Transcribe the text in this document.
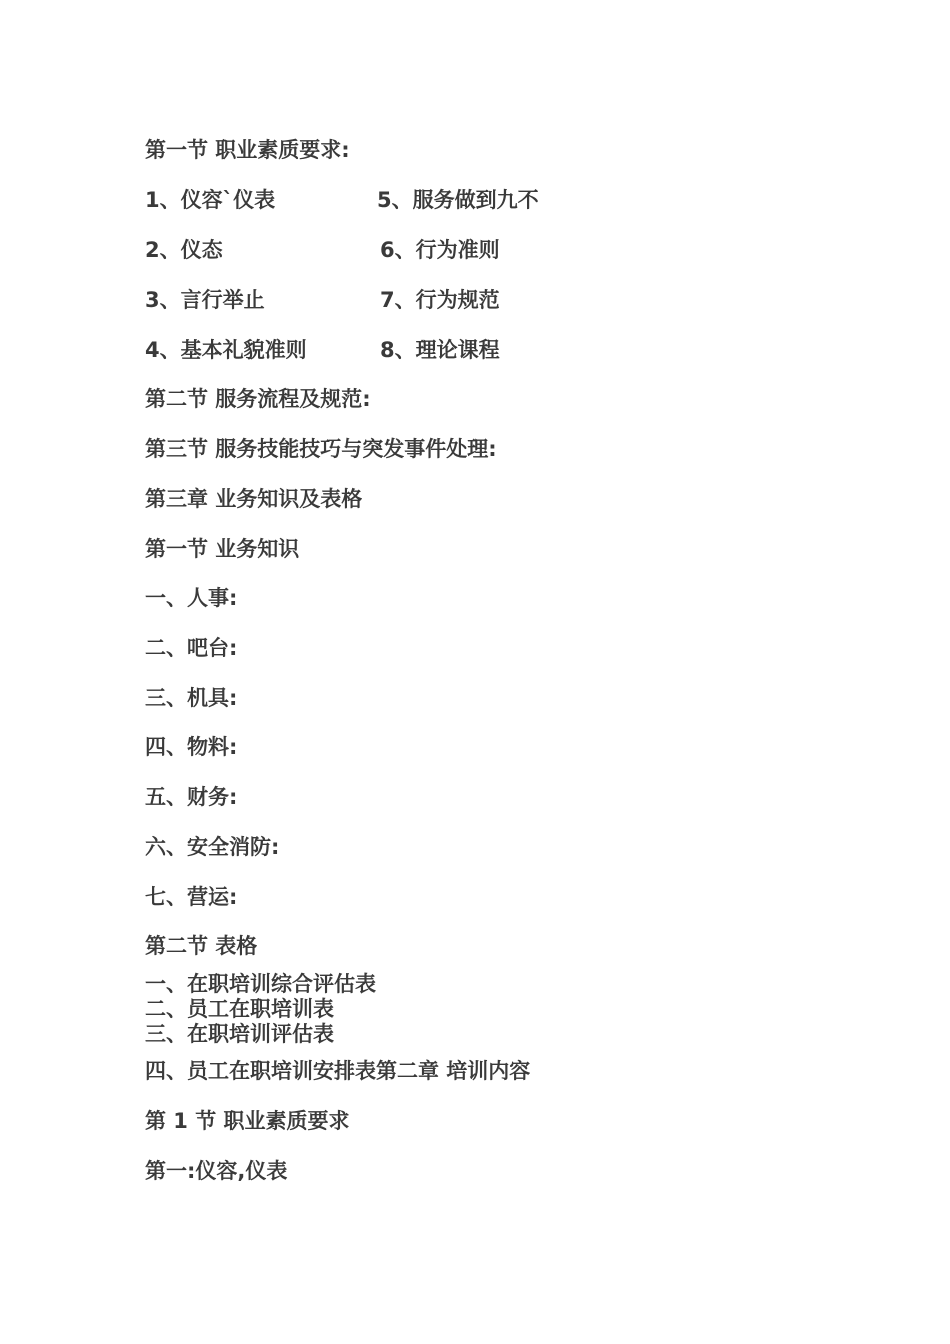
第一节 职业素质要求:
1、仪容`仪表	5、服务做到九不
2、仪态	6、行为准则
3、言行举止	7、行为规范
4、基本礼貌准则	8、理论课程
第二节 服务流程及规范:
第三节 服务技能技巧与突发事件处理:
第三章 业务知识及表格
第一节 业务知识
一、人事:
二、吧台:
三、机具:
四、物料:
五、财务:
六、安全消防:
七、营运:
第二节 表格
一、在职培训综合评估表
二、员工在职培训表
三、在职培训评估表
四、员工在职培训安排表第二章 培训内容
第 1 节 职业素质要求
第一:仪容,仪表
